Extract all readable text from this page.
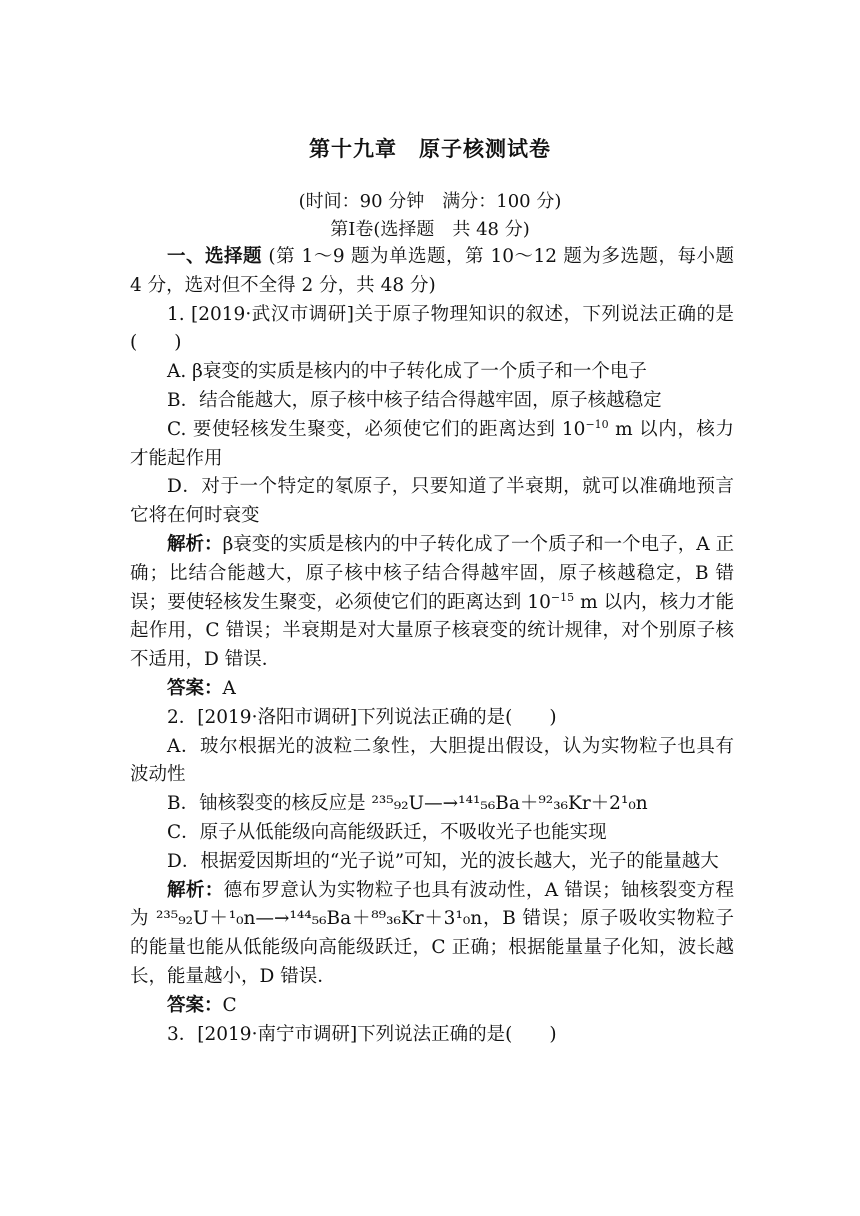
第十九章　原子核测试卷
(时间：90 分钟　满分：100 分)
第Ⅰ卷(选择题　共 48 分)

一、选择题 (第 1～9 题为单选题，第 10～12 题为多选题，每小题 4 分，选对但不全得 2 分，共 48 分)

1. [2019·武汉市调研]关于原子物理知识的叙述，下列说法正确的是(　　)

A. β衰变的实质是核内的中子转化成了一个质子和一个电子

B．结合能越大，原子核中核子结合得越牢固，原子核越稳定

C. 要使轻核发生聚变，必须使它们的距离达到 $10^{-10}$ m 以内，核力才能起作用

D．对于一个特定的氡原子，只要知道了半衰期，就可以准确地预言它将在何时衰变

解析：β衰变的实质是核内的中子转化成了一个质子和一个电子，A 正确；比结合能越大，原子核中核子结合得越牢固，原子核越稳定，B 错误；要使轻核发生聚变，必须使它们的距离达到 $10^{-15}$ m 以内，核力才能起作用，C 错误；半衰期是对大量原子核衰变的统计规律，对个别原子核不适用，D 错误．

答案：A

2．[2019·洛阳市调研]下列说法正确的是(　　)

A．玻尔根据光的波粒二象性，大胆提出假设，认为实物粒子也具有波动性

B．铀核裂变的核反应是 ²³⁵₉₂U—→¹⁴¹₅₆Ba＋⁹²₃₆Kr＋2¹₀n

C．原子从低能级向高能级跃迁，不吸收光子也能实现

D．根据爱因斯坦的“光子说”可知，光的波长越大，光子的能量越大

解析：德布罗意认为实物粒子也具有波动性，A 错误；铀核裂变方程为 ²³⁵₉₂U＋¹₀n—→¹⁴⁴₅₆Ba＋⁸⁹₃₆Kr＋3¹₀n，B 错误；原子吸收实物粒子的能量也能从低能级向高能级跃迁，C 正确；根据能量量子化知，波长越长，能量越小，D 错误．

答案：C

3．[2019·南宁市调研]下列说法正确的是(　　)
